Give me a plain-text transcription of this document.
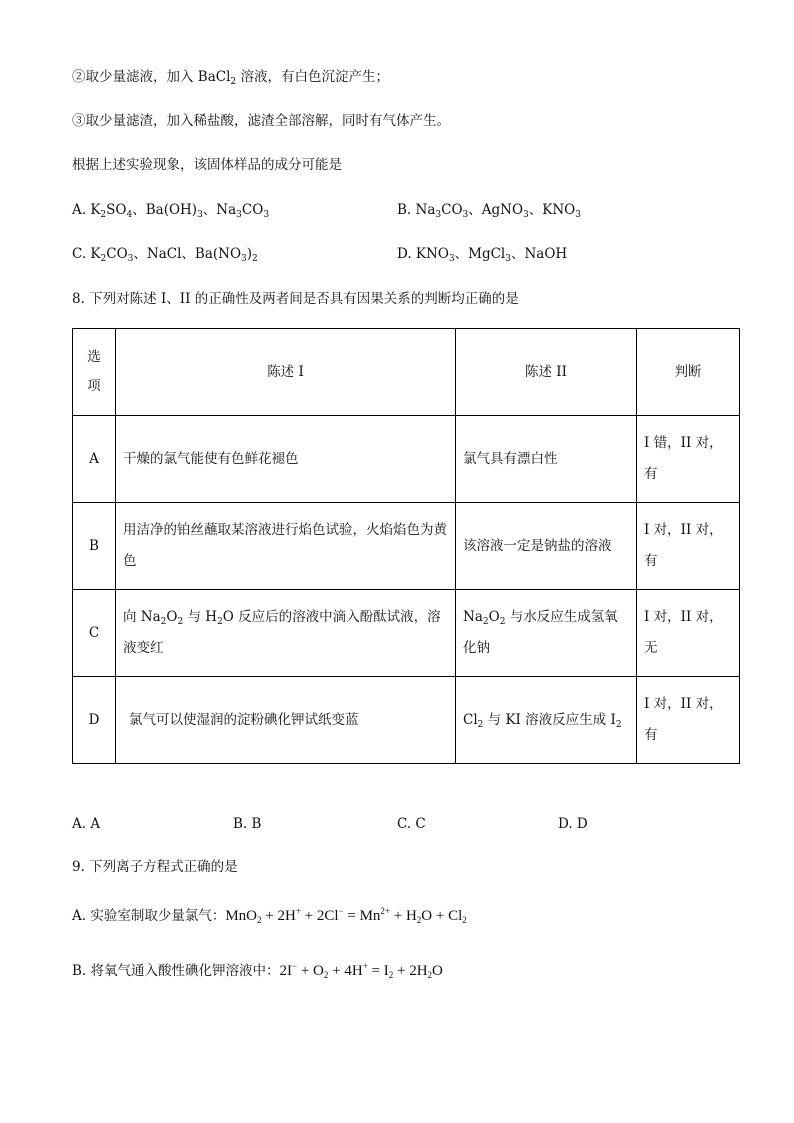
②取少量滤液，加入 BaCl$_2$ 溶液，有白色沉淀产生；
③取少量滤渣，加入稀盐酸，滤渣全部溶解，同时有气体产生。
根据上述实验现象，该固体样品的成分可能是
A. $K_2SO_4$、$Ba(OH)_3$、$Na_3CO_3$	B. $Na_3CO_3$、AgNO$_3$、$KNO_3$
C. $K_2CO_3$、NaCl、$Ba(NO_3)_2$	D. $KNO_3$、MgCl$_3$、NaOH
8. 下列对陈述 I、II 的正确性及两者间是否具有因果关系的判断均正确的是
选
项	陈述 I	陈述 II	判断
A	干燥的氯气能使有色鲜花褪色	氯气具有漂白性	I 错，II 对，
有
B	用洁净的铂丝蘸取某溶液进行焰色试验，火焰焰色为黄色	该溶液一定是钠盐的溶液	I 对，II 对，
有
C	向 $Na_2O_2$ 与 $H_2O$ 反应后的溶液中滴入酚酞试液，溶液变红	$Na_2O_2$ 与水反应生成氢氧化钠	I 对，II 对，
无
D	氯气可以使湿润的淀粉碘化钾试纸变蓝	$Cl_2$ 与 KI 溶液反应生成 $I_2$	I 对，II 对，
有
A. A	B. B	C. C	D. D
9. 下列离子方程式正确的是
A. 实验室制取少量氯气：$MnO_2 + 2H^+ + 2Cl^- = Mn^{2+} + H_2O + Cl_2$
B. 将氧气通入酸性碘化钾溶液中：$2I^- + O_2 + 4H^+ = I_2 + 2H_2O$
